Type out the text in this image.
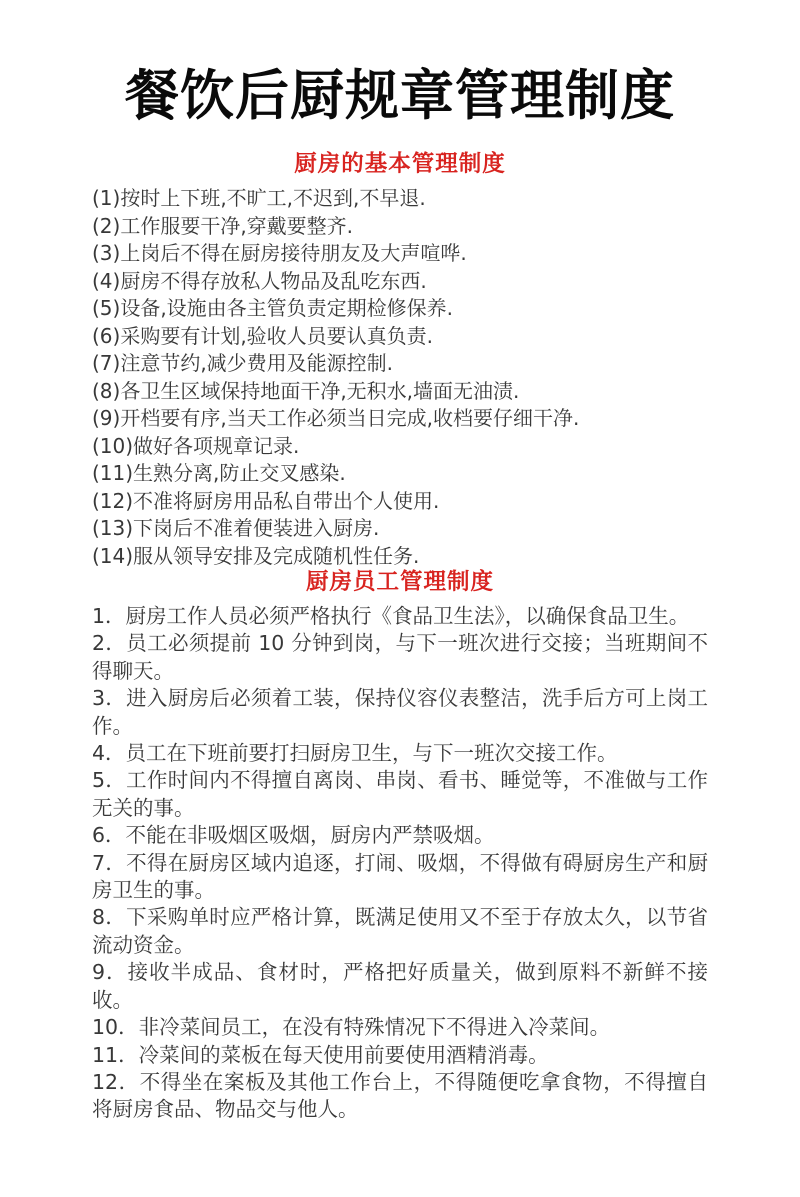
餐饮后厨规章管理制度
厨房的基本管理制度

(1)按时上下班,不旷工,不迟到,不早退.

(2)工作服要干净,穿戴要整齐.

(3)上岗后不得在厨房接待朋友及大声喧哗.

(4)厨房不得存放私人物品及乱吃东西.

(5)设备,设施由各主管负责定期检修保养.

(6)采购要有计划,验收人员要认真负责.

(7)注意节约,减少费用及能源控制.

(8)各卫生区域保持地面干净,无积水,墙面无油渍.

(9)开档要有序,当天工作必须当日完成,收档要仔细干净.

(10)做好各项规章记录.

(11)生熟分离,防止交叉感染.

(12)不准将厨房用品私自带出个人使用.

(13)下岗后不准着便装进入厨房.

(14)服从领导安排及完成随机性任务.

厨房员工管理制度

1．厨房工作人员必须严格执行《食品卫生法》，以确保食品卫生。

2．员工必须提前 10 分钟到岗，与下一班次进行交接；当班期间不得聊天。

3．进入厨房后必须着工装，保持仪容仪表整洁，洗手后方可上岗工作。

4．员工在下班前要打扫厨房卫生，与下一班次交接工作。

5．工作时间内不得擅自离岗、串岗、看书、睡觉等，不准做与工作无关的事。

6．不能在非吸烟区吸烟，厨房内严禁吸烟。

7．不得在厨房区域内追逐，打闹、吸烟，不得做有碍厨房生产和厨房卫生的事。

8．下采购单时应严格计算，既满足使用又不至于存放太久，以节省流动资金。

9．接收半成品、食材时，严格把好质量关，做到原料不新鲜不接收。

10．非冷菜间员工，在没有特殊情况下不得进入冷菜间。

11．冷菜间的菜板在每天使用前要使用酒精消毒。

12．不得坐在案板及其他工作台上，不得随便吃拿食物，不得擅自将厨房食品、物品交与他人。
